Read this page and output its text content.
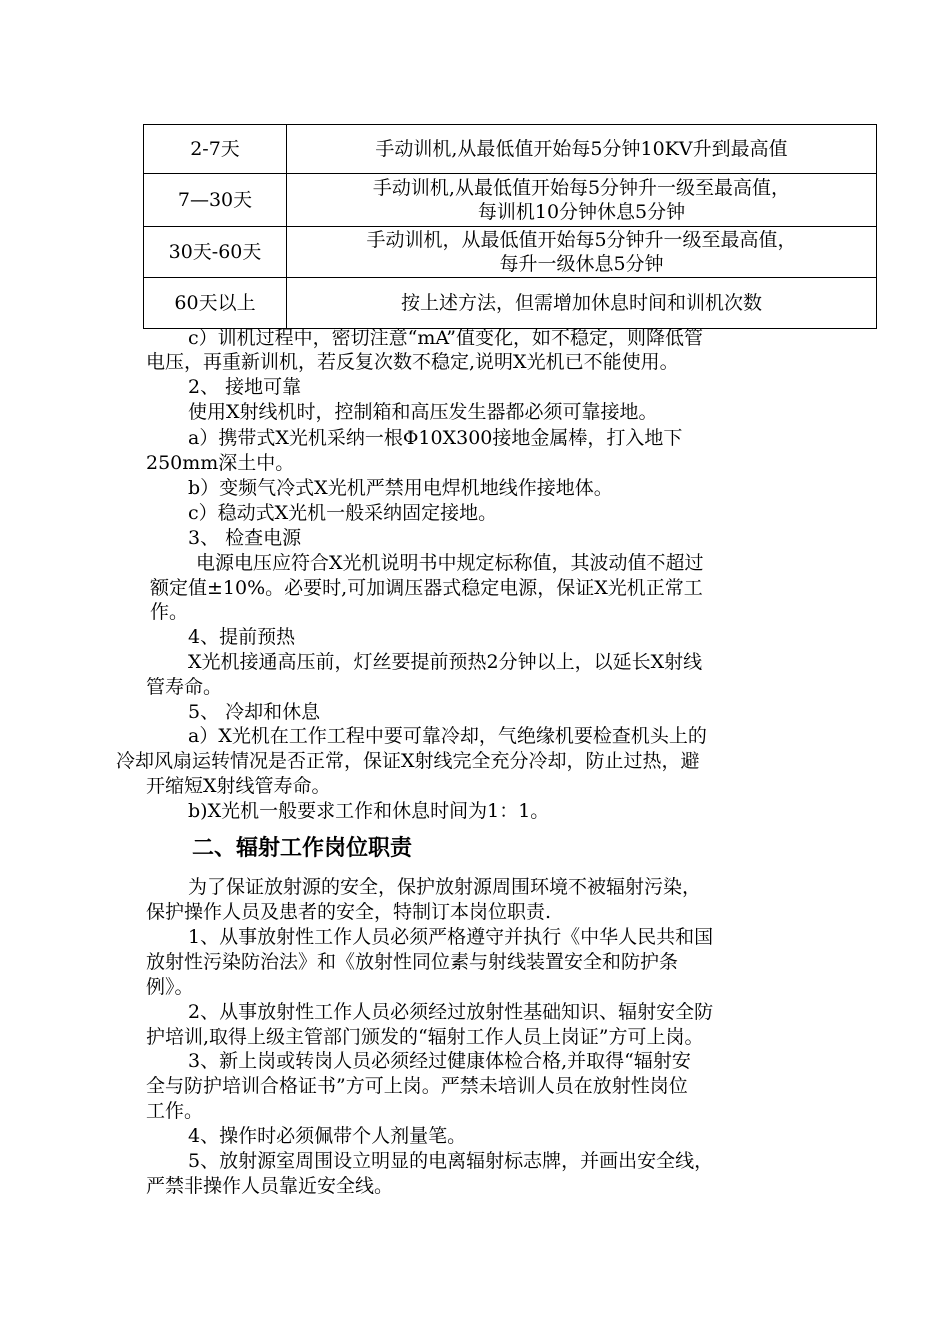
2-7天	手动训机,从最低值开始每5分钟10KV升到最高值

7—30天	手动训机,从最低值开始每5分钟升一级至最高值，
每训机10分钟休息5分钟

30天-60天	手动训机，从最低值开始每5分钟升一级至最高值，
每升一级休息5分钟

60天以上	按上述方法，但需增加休息时间和训机次数
c）训机过程中，密切注意“mA”值变化，如不稳定，则降低管
电压，再重新训机，若反复次数不稳定,说明X光机已不能使用。
2、 接地可靠
使用X射线机时，控制箱和高压发生器都必须可靠接地。
a）携带式X光机采纳一根Φ10X300接地金属棒，打入地下
250mm深土中。
b）变频气冷式X光机严禁用电焊机地线作接地体。
c）稳动式X光机一般采纳固定接地。
3、 检查电源
电源电压应符合X光机说明书中规定标称值，其波动值不超过
额定值±10%。必要时,可加调压器式稳定电源，保证X光机正常工
作。
4、提前预热
X光机接通高压前，灯丝要提前预热2分钟以上，以延长X射线
管寿命。
5、 冷却和休息
a）X光机在工作工程中要可靠冷却，气绝缘机要检查机头上的
冷却风扇运转情况是否正常，保证X射线完全充分冷却，防止过热，避
开缩短X射线管寿命。
b)X光机一般要求工作和休息时间为1：1。
二、辐射工作岗位职责
为了保证放射源的安全，保护放射源周围环境不被辐射污染，
保护操作人员及患者的安全，特制订本岗位职责.
1、从事放射性工作人员必须严格遵守并执行《中华人民共和国
放射性污染防治法》和《放射性同位素与射线装置安全和防护条
例》。
2、从事放射性工作人员必须经过放射性基础知识、辐射安全防
护培训,取得上级主管部门颁发的“辐射工作人员上岗证”方可上岗。
3、新上岗或转岗人员必须经过健康体检合格,并取得“辐射安
全与防护培训合格证书”方可上岗。严禁未培训人员在放射性岗位
工作。
4、操作时必须佩带个人剂量笔。
5、放射源室周围设立明显的电离辐射标志牌，并画出安全线，
严禁非操作人员靠近安全线。
